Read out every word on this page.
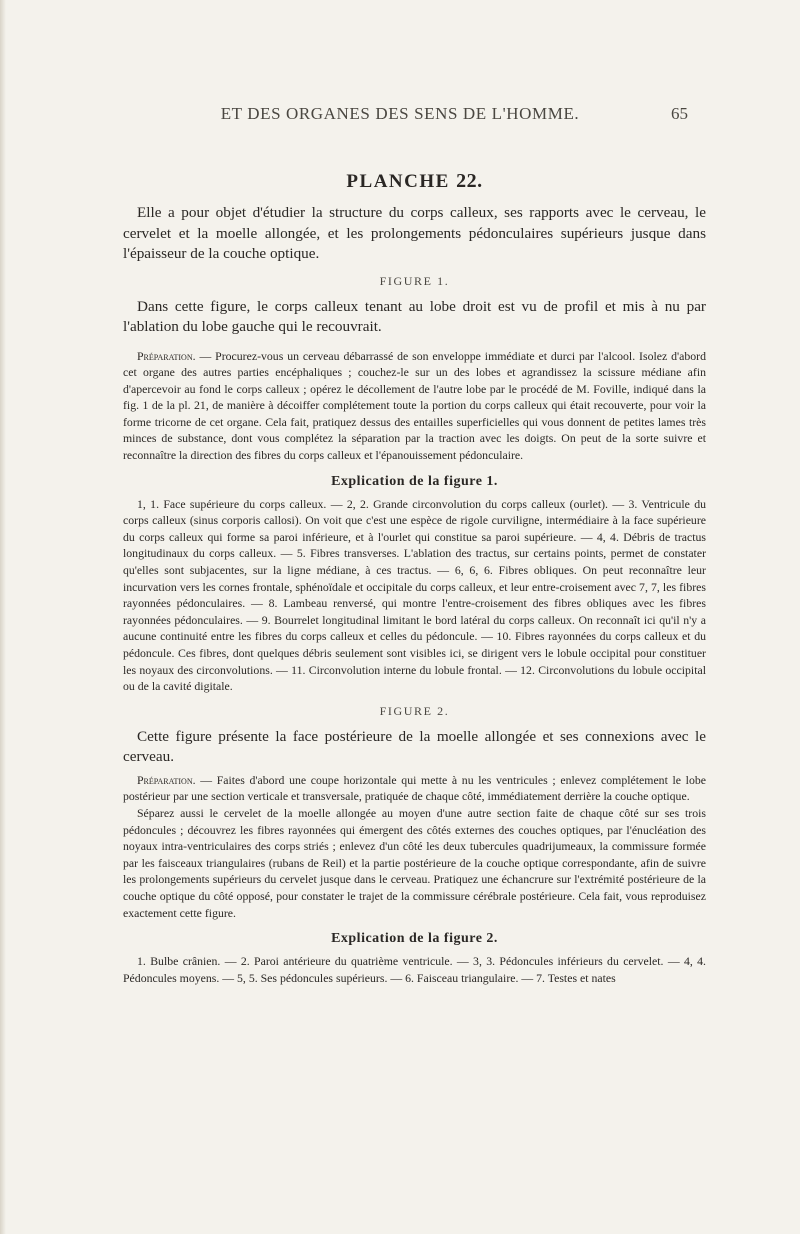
ET DES ORGANES DES SENS DE L'HOMME.	65
PLANCHE 22.

Elle a pour objet d'étudier la structure du corps calleux, ses rapports avec le cerveau, le cervelet et la moelle allongée, et les prolongements pédonculaires supérieurs jusque dans l'épaisseur de la couche optique.

FIGURE 1.

Dans cette figure, le corps calleux tenant au lobe droit est vu de profil et mis à nu par l'ablation du lobe gauche qui le recouvrait.

Préparation. — Procurez-vous un cerveau débarrassé de son enveloppe immédiate et durci par l'alcool. Isolez d'abord cet organe des autres parties encéphaliques ; couchez-le sur un des lobes et agrandissez la scissure médiane afin d'apercevoir au fond le corps calleux ; opérez le décollement de l'autre lobe par le procédé de M. Foville, indiqué dans la fig. 1 de la pl. 21, de manière à décoiffer complétement toute la portion du corps calleux qui était recouverte, pour voir la forme tricorne de cet organe. Cela fait, pratiquez dessus des entailles superficielles qui vous donnent de petites lames très minces de substance, dont vous complétez la séparation par la traction avec les doigts. On peut de la sorte suivre et reconnaître la direction des fibres du corps calleux et l'épanouissement pédonculaire.

Explication de la figure 1.

1, 1. Face supérieure du corps calleux. — 2, 2. Grande circonvolution du corps calleux (ourlet). — 3. Ventricule du corps calleux (sinus corporis callosi). On voit que c'est une espèce de rigole curviligne, intermédiaire à la face supérieure du corps calleux qui forme sa paroi inférieure, et à l'ourlet qui constitue sa paroi supérieure. — 4, 4. Débris de tractus longitudinaux du corps calleux. — 5. Fibres transverses. L'ablation des tractus, sur certains points, permet de constater qu'elles sont subjacentes, sur la ligne médiane, à ces tractus. — 6, 6, 6. Fibres obliques. On peut reconnaître leur incurvation vers les cornes frontale, sphénoïdale et occipitale du corps calleux, et leur entre-croisement avec 7, 7, les fibres rayonnées pédonculaires. — 8. Lambeau renversé, qui montre l'entre-croisement des fibres obliques avec les fibres rayonnées pédonculaires. — 9. Bourrelet longitudinal limitant le bord latéral du corps calleux. On reconnaît ici qu'il n'y a aucune continuité entre les fibres du corps calleux et celles du pédoncule. — 10. Fibres rayonnées du corps calleux et du pédoncule. Ces fibres, dont quelques débris seulement sont visibles ici, se dirigent vers le lobule occipital pour constituer les noyaux des circonvolutions. — 11. Circonvolution interne du lobule frontal. — 12. Circonvolutions du lobule occipital ou de la cavité digitale.

FIGURE 2.

Cette figure présente la face postérieure de la moelle allongée et ses connexions avec le cerveau.

Préparation. — Faites d'abord une coupe horizontale qui mette à nu les ventricules ; enlevez complétement le lobe postérieur par une section verticale et transversale, pratiquée de chaque côté, immédiatement derrière la couche optique.

Séparez aussi le cervelet de la moelle allongée au moyen d'une autre section faite de chaque côté sur ses trois pédoncules ; découvrez les fibres rayonnées qui émergent des côtés externes des couches optiques, par l'énucléation des noyaux intra-ventriculaires des corps striés ; enlevez d'un côté les deux tubercules quadrijumeaux, la commissure formée par les faisceaux triangulaires (rubans de Reil) et la partie postérieure de la couche optique correspondante, afin de suivre les prolongements supérieurs du cervelet jusque dans le cerveau. Pratiquez une échancrure sur l'extrémité postérieure de la couche optique du côté opposé, pour constater le trajet de la commissure cérébrale postérieure. Cela fait, vous reproduisez exactement cette figure.

Explication de la figure 2.

1. Bulbe crânien. — 2. Paroi antérieure du quatrième ventricule. — 3, 3. Pédoncules inférieurs du cervelet. — 4, 4. Pédoncules moyens. — 5, 5. Ses pédoncules supérieurs. — 6. Faisceau triangulaire. — 7. Testes et nates
